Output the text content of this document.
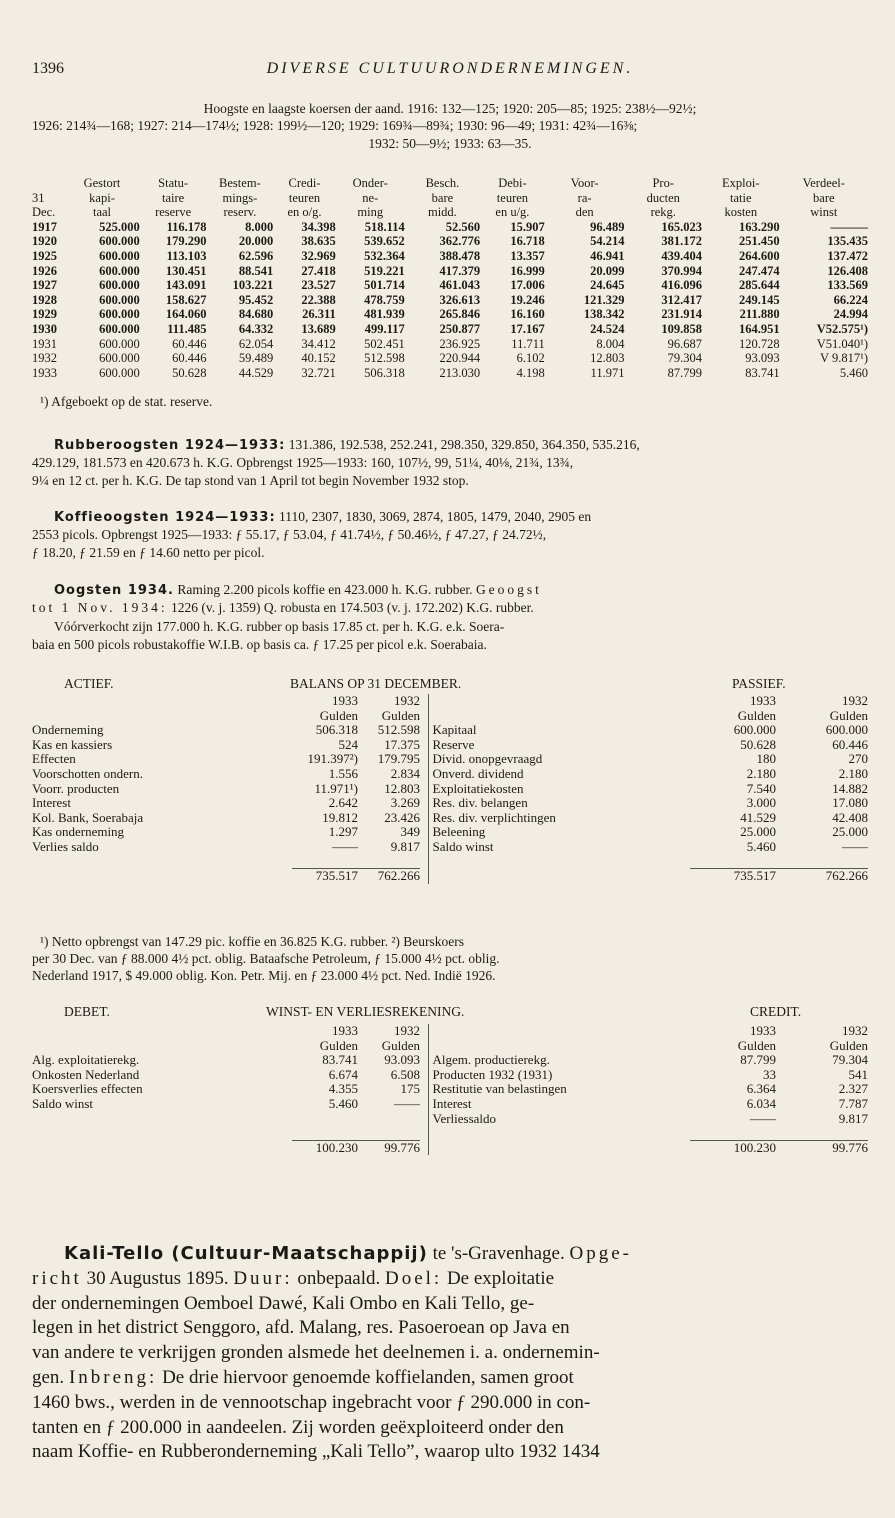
1396	DIVERSE CULTUURONDERNEMINGEN.
Hoogste en laagste koersen der aand. 1916: 132—125; 1920: 205—85; 1925: 238½—92½;
1926: 214¾—168; 1927: 214—174½; 1928: 199½—120; 1929: 169¾—89¾; 1930: 96—49; 1931: 42¾—16⅜;
1932: 50—9½; 1933: 63—35.
	Gestort	Statu-	Bestem-	Credi-	Onder-	Besch.	Debi-	Voor-	Pro-	Exploi-	Verdeel-
31	kapi-	taire	mings-	teuren	ne-	bare	teuren	ra-	ducten	tatie	bare
Dec.	taal	reserve	reserv.	en o/g.	ming	midd.	en u/g.	den	rekg.	kosten	winst
1917	525.000	116.178	8.000	34.398	518.114	52.560	15.907	96.489	165.023	163.290	———
1920	600.000	179.290	20.000	38.635	539.652	362.776	16.718	54.214	381.172	251.450	135.435
1925	600.000	113.103	62.596	32.969	532.364	388.478	13.357	46.941	439.404	264.600	137.472
1926	600.000	130.451	88.541	27.418	519.221	417.379	16.999	20.099	370.994	247.474	126.408
1927	600.000	143.091	103.221	23.527	501.714	461.043	17.006	24.645	416.096	285.644	133.569
1928	600.000	158.627	95.452	22.388	478.759	326.613	19.246	121.329	312.417	249.145	66.224
1929	600.000	164.060	84.680	26.311	481.939	265.846	16.160	138.342	231.914	211.880	24.994
1930	600.000	111.485	64.332	13.689	499.117	250.877	17.167	24.524	109.858	164.951	V52.575¹)
1931	600.000	60.446	62.054	34.412	502.451	236.925	11.711	8.004	96.687	120.728	V51.040¹)
1932	600.000	60.446	59.489	40.152	512.598	220.944	6.102	12.803	79.304	93.093	V 9.817¹)
1933	600.000	50.628	44.529	32.721	506.318	213.030	4.198	11.971	87.799	83.741	5.460
¹) Afgeboekt op de stat. reserve.
Rubberoogsten 1924—1933: 131.386, 192.538, 252.241, 298.350, 329.850, 364.350, 535.216,
429.129, 181.573 en 420.673 h. K.G. Opbrengst 1925—1933: 160, 107½, 99, 51¼, 40⅛, 21¾, 13¾,
9¼ en 12 ct. per h. K.G. De tap stond van 1 April tot begin November 1932 stop.
Koffieoogsten 1924—1933: 1110, 2307, 1830, 3069, 2874, 1805, 1479, 2040, 2905 en
2553 picols. Opbrengst 1925—1933: ƒ 55.17, ƒ 53.04, ƒ 41.74½, ƒ 50.46½, ƒ 47.27, ƒ 24.72½,
ƒ 18.20, ƒ 21.59 en ƒ 14.60 netto per picol.
Oogsten 1934. Raming 2.200 picols koffie en 423.000 h. K.G. rubber. Geoogst
tot 1 Nov. 1934: 1226 (v. j. 1359) Q. robusta en 174.503 (v. j. 172.202) K.G. rubber.
Vóórverkocht zijn 177.000 h. K.G. rubber op basis 17.85 ct. per h. K.G. e.k. Soera-
baia en 500 picols robustakoffie W.I.B. op basis ca. ƒ 17.25 per picol e.k. Soerabaia.
ACTIEF.	BALANS OP 31 DECEMBER.	PASSIEF.
	1933	1932			1933	1932
	Gulden	Gulden			Gulden	Gulden
Onderneming	506.318	512.598		Kapitaal	600.000	600.000
Kas en kassiers	524	17.375		Reserve	50.628	60.446
Effecten	191.397²)	179.795		Divid. onopgevraagd	180	270
Voorschotten ondern.	1.556	2.834		Onverd. dividend	2.180	2.180
Voorr. producten	11.971¹)	12.803		Exploitatiekosten	7.540	14.882
Interest	2.642	3.269		Res. div. belangen	3.000	17.080
Kol. Bank, Soerabaja	19.812	23.426		Res. div. verplichtingen	41.529	42.408
Kas onderneming	1.297	349		Beleening	25.000	25.000
Verlies saldo	——	9.817		Saldo winst	5.460	——

	735.517	762.266			735.517	762.266
¹) Netto opbrengst van 147.29 pic. koffie en 36.825 K.G. rubber. ²) Beurskoers
per 30 Dec. van ƒ 88.000 4½ pct. oblig. Bataafsche Petroleum, ƒ 15.000 4½ pct. oblig.
Nederland 1917, $ 49.000 oblig. Kon. Petr. Mij. en ƒ 23.000 4½ pct. Ned. Indië 1926.
DEBET.	WINST- EN VERLIESREKENING.	CREDIT.
	1933	1932			1933	1932
	Gulden	Gulden			Gulden	Gulden
Alg. exploitatierekg.	83.741	93.093		Algem. productierekg.	87.799	79.304
Onkosten Nederland	6.674	6.508		Producten 1932 (1931)	33	541
Koersverlies effecten	4.355	175		Restitutie van belastingen	6.364	2.327
Saldo winst	5.460	——		Interest	6.034	7.787
				Verliessaldo	——	9.817

	100.230	99.776			100.230	99.776
Kali-Tello (Cultuur-Maatschappij) te 's-Gravenhage. Opge-
richt 30 Augustus 1895. Duur: onbepaald. Doel: De exploitatie
der ondernemingen Oemboel Dawé, Kali Ombo en Kali Tello, ge-
legen in het district Senggoro, afd. Malang, res. Pasoeroean op Java en
van andere te verkrijgen gronden alsmede het deelnemen i. a. ondernemin-
gen. Inbreng: De drie hiervoor genoemde koffielanden, samen groot
1460 bws., werden in de vennootschap ingebracht voor ƒ 290.000 in con-
tanten en ƒ 200.000 in aandeelen. Zij worden geëxploiteerd onder den
naam Koffie- en Rubberonderneming „Kali Tello”, waarop ulto 1932 1434
